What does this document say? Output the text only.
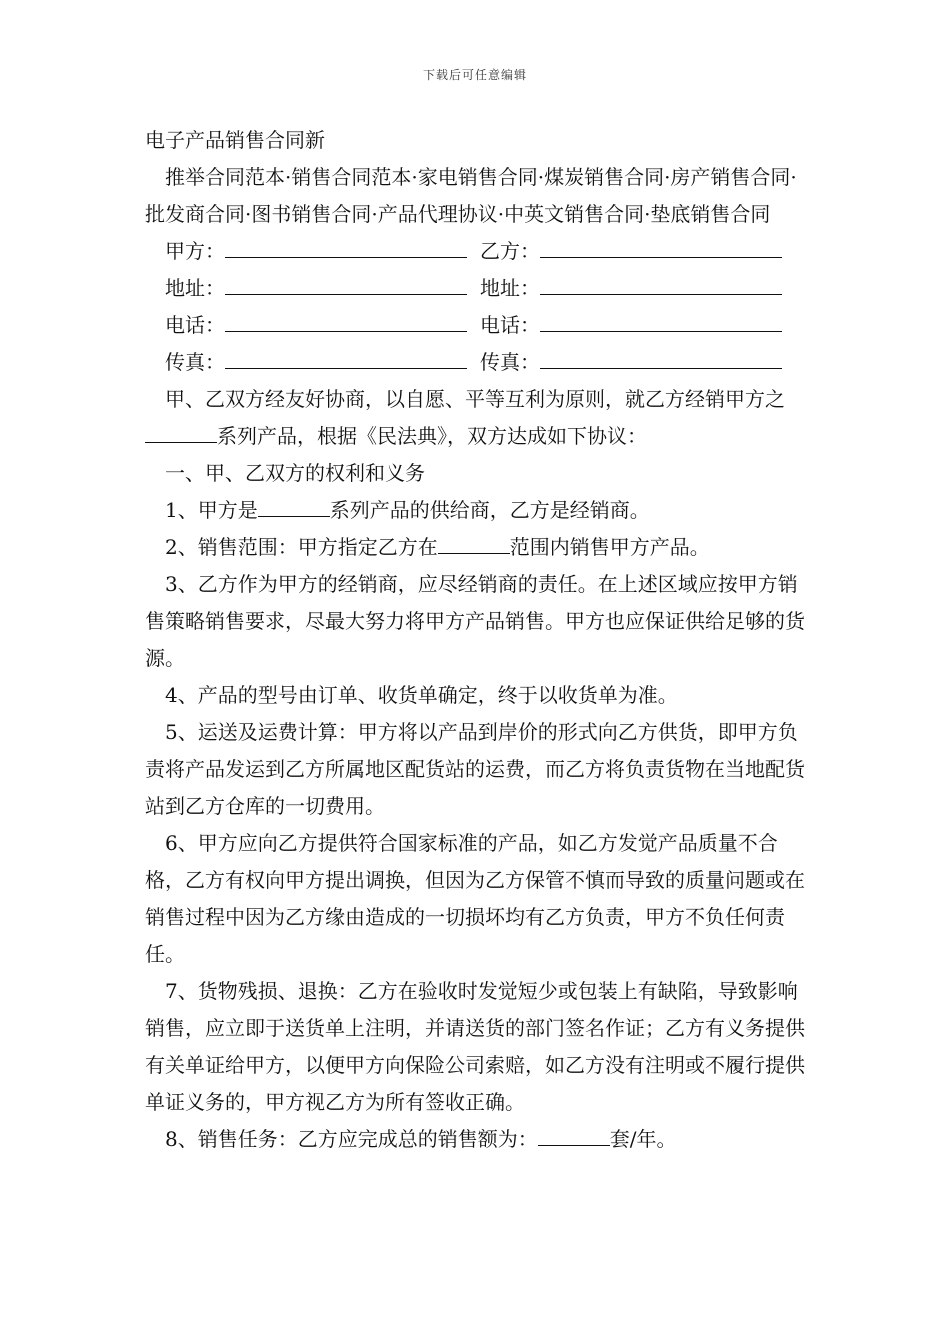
下载后可任意编辑

电子产品销售合同新

推举合同范本·销售合同范本·家电销售合同·煤炭销售合同·房产销售合同·批发商合同·图书销售合同·产品代理协议·中英文销售合同·垫底销售合同

甲方：	乙方：
地址：	地址：
电话：	电话：
传真：	传真：

甲、乙双方经友好协商，以自愿、平等互利为原则，就乙方经销甲方之系列产品，根据《民法典》，双方达成如下协议：

一、甲、乙双方的权利和义务

1、甲方是	系列产品的供给商，乙方是经销商。

2、销售范围：甲方指定乙方在	范围内销售甲方产品。

3、乙方作为甲方的经销商，应尽经销商的责任。在上述区域应按甲方销售策略销售要求，尽最大努力将甲方产品销售。甲方也应保证供给足够的货源。

4、产品的型号由订单、收货单确定，终于以收货单为准。

5、运送及运费计算：甲方将以产品到岸价的形式向乙方供货，即甲方负责将产品发运到乙方所属地区配货站的运费，而乙方将负责货物在当地配货站到乙方仓库的一切费用。

6、甲方应向乙方提供符合国家标准的产品，如乙方发觉产品质量不合格，乙方有权向甲方提出调换，但因为乙方保管不慎而导致的质量问题或在销售过程中因为乙方缘由造成的一切损坏均有乙方负责，甲方不负任何责任。

7、货物残损、退换：乙方在验收时发觉短少或包装上有缺陷，导致影响销售，应立即于送货单上注明，并请送货的部门签名作证；乙方有义务提供有关单证给甲方，以便甲方向保险公司索赔，如乙方没有注明或不履行提供单证义务的，甲方视乙方为所有签收正确。

8、销售任务：乙方应完成总的销售额为：	套/年。
